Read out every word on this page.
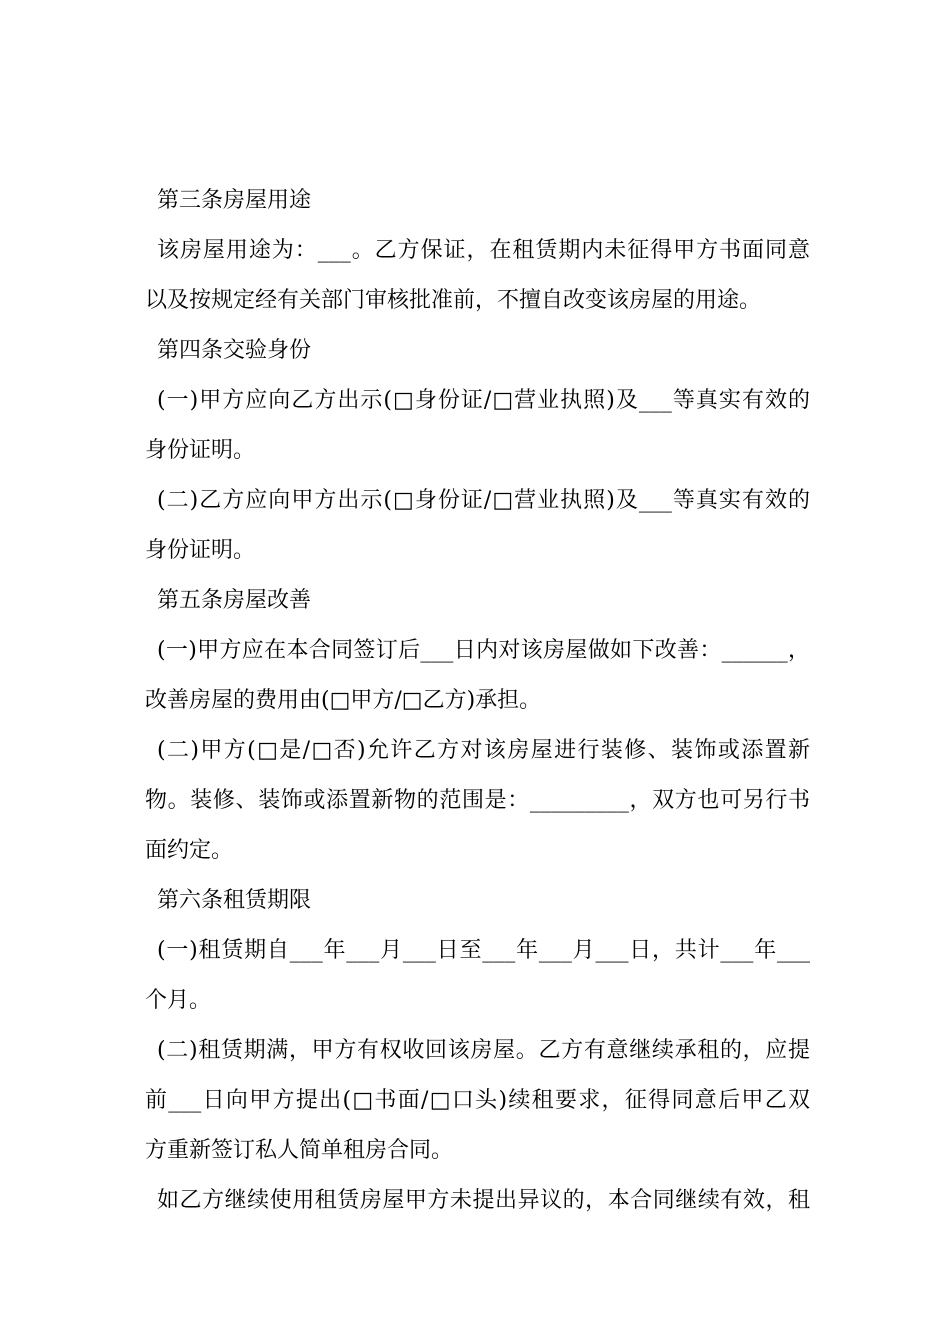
第三条房屋用途
该房屋用途为：___。乙方保证，在租赁期内未征得甲方书面同意
以及按规定经有关部门审核批准前，不擅自改变该房屋的用途。
第四条交验身份
(一)甲方应向乙方出示(□身份证/□营业执照)及___等真实有效的
身份证明。
(二)乙方应向甲方出示(□身份证/□营业执照)及___等真实有效的
身份证明。
第五条房屋改善
(一)甲方应在本合同签订后___日内对该房屋做如下改善：______，
改善房屋的费用由(□甲方/□乙方)承担。
(二)甲方(□是/□否)允许乙方对该房屋进行装修、装饰或添置新
物。装修、装饰或添置新物的范围是：_________，双方也可另行书
面约定。
第六条租赁期限
(一)租赁期自___年___月___日至___年___月___日，共计___年___
个月。
(二)租赁期满，甲方有权收回该房屋。乙方有意继续承租的，应提
前___日向甲方提出(□书面/□口头)续租要求，征得同意后甲乙双
方重新签订私人简单租房合同。
如乙方继续使用租赁房屋甲方未提出异议的，本合同继续有效，租
